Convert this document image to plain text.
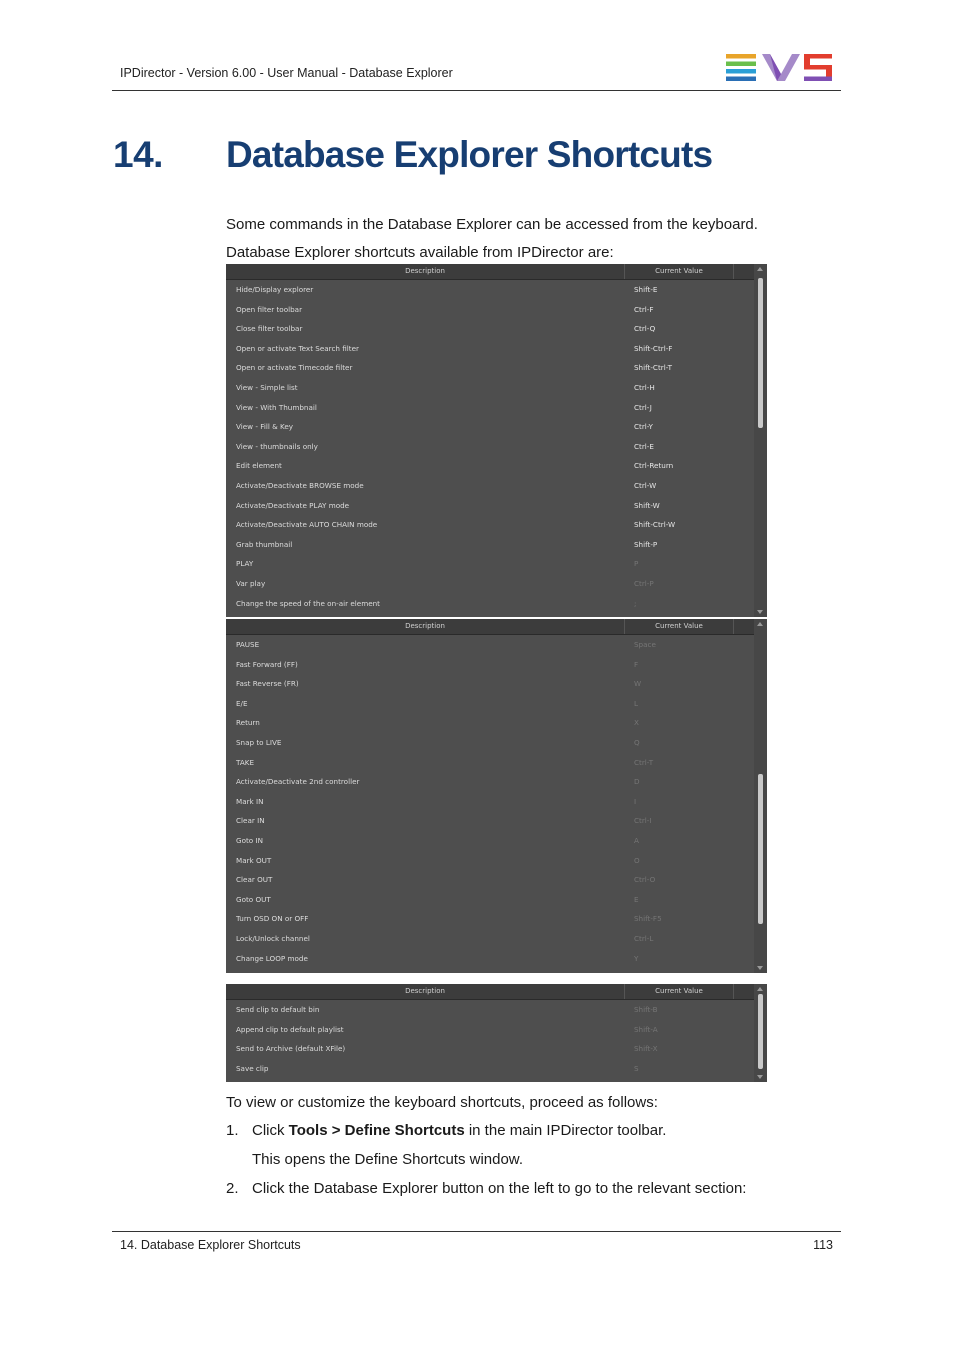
IPDirector - Version 6.00 - User Manual - Database Explorer
14. Database Explorer Shortcuts
Some commands in the Database Explorer can be accessed from the keyboard.
Database Explorer shortcuts available from IPDirector are:
Description	Current Value
Hide/Display explorer	Shift-E
Open filter toolbar	Ctrl-F
Close filter toolbar	Ctrl-Q
Open or activate Text Search filter	Shift-Ctrl-F
Open or activate Timecode filter	Shift-Ctrl-T
View - Simple list	Ctrl-H
View - With Thumbnail	Ctrl-J
View - Fill & Key	Ctrl-Y
View - thumbnails only	Ctrl-E
Edit element	Ctrl-Return
Activate/Deactivate BROWSE mode	Ctrl-W
Activate/Deactivate PLAY mode	Shift-W
Activate/Deactivate AUTO CHAIN mode	Shift-Ctrl-W
Grab thumbnail	Shift-P
PLAY	P
Var play	Ctrl-P
Change the speed of the on-air element	;
Description	Current Value
PAUSE	Space
Fast Forward (FF)	F
Fast Reverse (FR)	W
E/E	L
Return	X
Snap to LIVE	Q
TAKE	Ctrl-T
Activate/Deactivate 2nd controller	D
Mark IN	I
Clear IN	Ctrl-I
Goto IN	A
Mark OUT	O
Clear OUT	Ctrl-O
Goto OUT	E
Turn OSD ON or OFF	Shift-F5
Lock/Unlock channel	Ctrl-L
Change LOOP mode	Y
Description	Current Value
Send clip to default bin	Shift-B
Append clip to default playlist	Shift-A
Send to Archive (default XFile)	Shift-X
Save clip	S
To view or customize the keyboard shortcuts, proceed as follows:
1. Click Tools > Define Shortcuts in the main IPDirector toolbar.
This opens the Define Shortcuts window.
2. Click the Database Explorer button on the left to go to the relevant section:
14. Database Explorer Shortcuts	113
